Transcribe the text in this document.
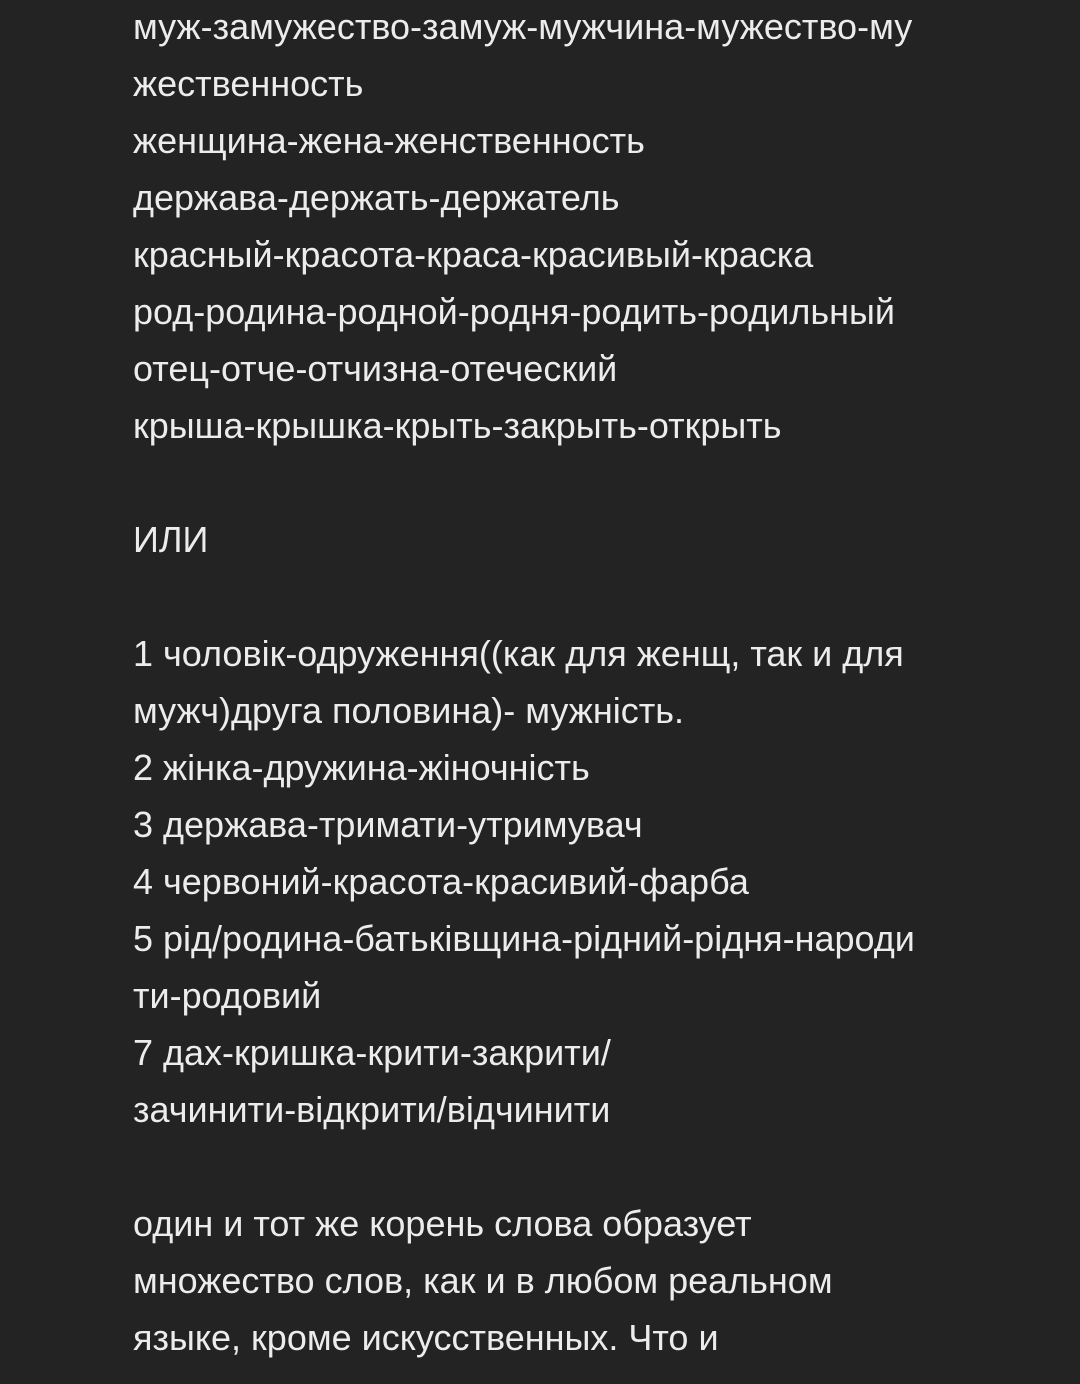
муж-замужество-замуж-мужчина-мужество-му
жественность
женщина-жена-женственность
держава-держать-держатель
красный-красота-краса-красивый-краска
род-родина-родной-родня-родить-родильный
отец-отче-отчизна-отеческий
крыша-крышка-крыть-закрыть-открыть
ИЛИ
1 чоловік-одруження((как для женщ, так и для
мужч)друга половина)- мужність.
2 жінка-дружина-жіночність
3 держава-тримати-утримувач
4 червоний-красота-красивий-фарба
5 рід/родина-батьківщина-рідний-рідня-народи
ти-родовий
7 дах-кришка-крити-закрити/
зачинити-відкрити/відчинити
один и тот же корень слова образует
множество слов, как и в любом реальном
языке, кроме искусственных. Что и
